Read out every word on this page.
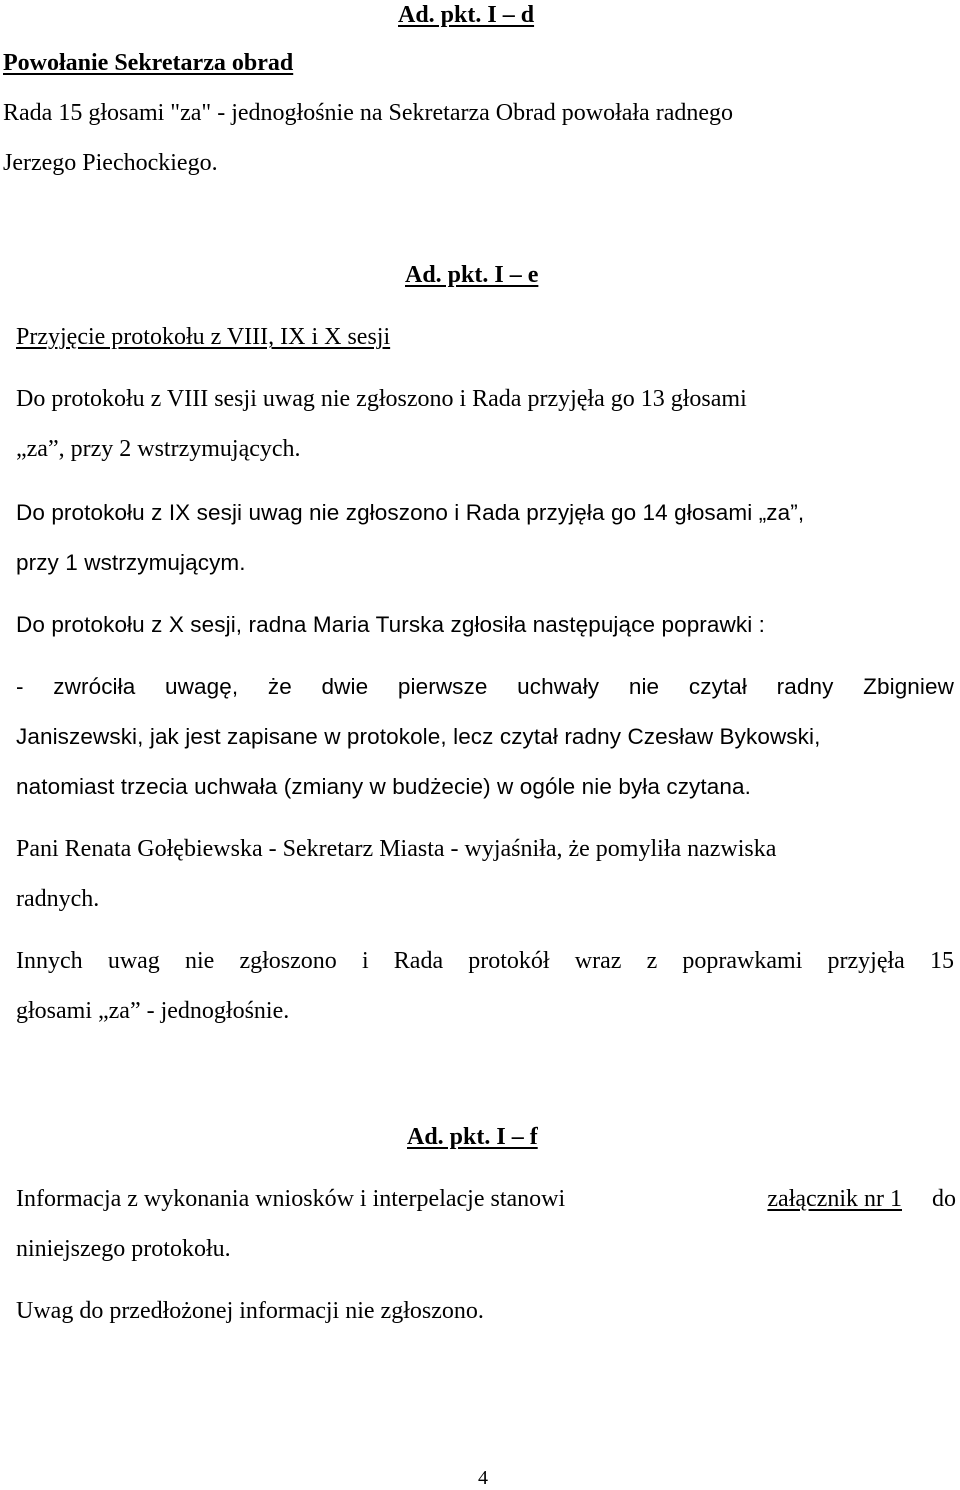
Ad. pkt. I – d
Powołanie Sekretarza obrad
Rada 15 głosami "za" - jednogłośnie na Sekretarza Obrad powołała radnego
Jerzego Piechockiego.
Ad. pkt. I – e
Przyjęcie protokołu z VIII, IX i X sesji
Do protokołu z VIII sesji uwag nie zgłoszono i Rada przyjęła go 13 głosami
„za”, przy 2 wstrzymujących.
Do protokołu z IX sesji uwag nie zgłoszono i Rada przyjęła go 14 głosami „za”,
przy 1 wstrzymującym.
Do protokołu z X sesji, radna Maria Turska zgłosiła następujące poprawki :
- zwróciła uwagę, że dwie pierwsze uchwały nie czytał radny Zbigniew
Janiszewski, jak jest zapisane w protokole, lecz czytał radny Czesław Bykowski,
natomiast trzecia uchwała (zmiany w budżecie) w ogóle nie była czytana.
Pani Renata Gołębiewska - Sekretarz Miasta - wyjaśniła, że pomyliła nazwiska
radnych.
Innych uwag nie zgłoszono i Rada protokół wraz z poprawkami przyjęła 15
głosami „za” - jednogłośnie.
Ad. pkt. I – f
Informacja z wykonania wniosków i interpelacje stanowi	załącznik nr 1 do
niniejszego protokołu.
Uwag do przedłożonej informacji nie zgłoszono.
4
